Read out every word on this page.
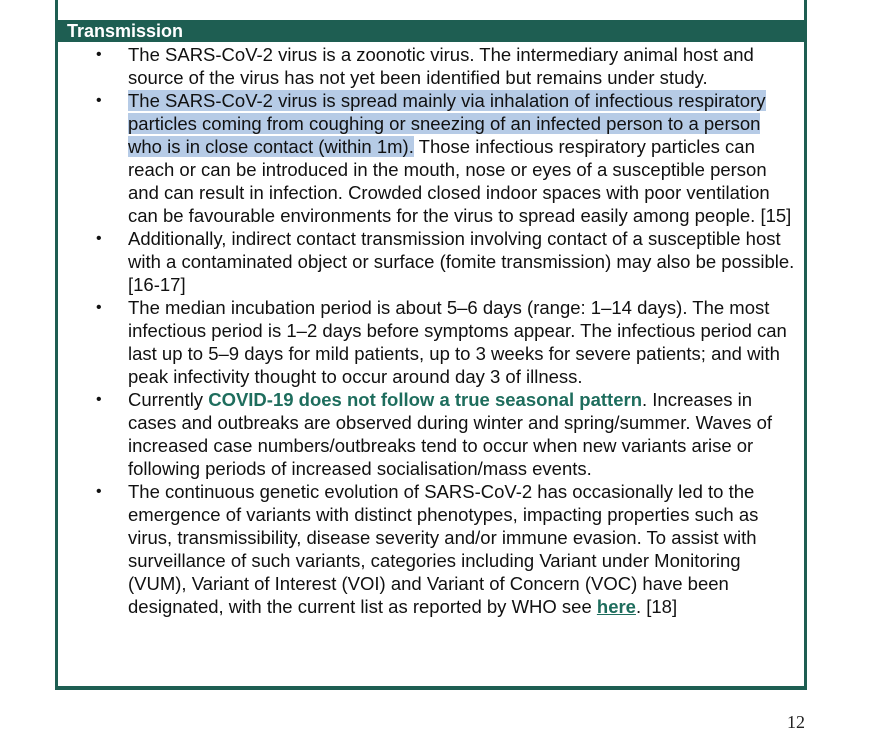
Transmission
• The SARS-CoV-2 virus is a zoonotic virus. The intermediary animal host and source of the virus has not yet been identified but remains under study.
• The SARS-CoV-2 virus is spread mainly via inhalation of infectious respiratory particles coming from coughing or sneezing of an infected person to a person who is in close contact (within 1m). Those infectious respiratory particles can reach or can be introduced in the mouth, nose or eyes of a susceptible person and can result in infection. Crowded closed indoor spaces with poor ventilation can be favourable environments for the virus to spread easily among people. [15]
• Additionally, indirect contact transmission involving contact of a susceptible host with a contaminated object or surface (fomite transmission) may also be possible. [16-17]
• The median incubation period is about 5–6 days (range: 1–14 days). The most infectious period is 1–2 days before symptoms appear. The infectious period can last up to 5–9 days for mild patients, up to 3 weeks for severe patients; and with peak infectivity thought to occur around day 3 of illness.
• Currently COVID-19 does not follow a true seasonal pattern. Increases in cases and outbreaks are observed during winter and spring/summer. Waves of increased case numbers/outbreaks tend to occur when new variants arise or following periods of increased socialisation/mass events.
• The continuous genetic evolution of SARS-CoV-2 has occasionally led to the emergence of variants with distinct phenotypes, impacting properties such as virus, transmissibility, disease severity and/or immune evasion. To assist with surveillance of such variants, categories including Variant under Monitoring (VUM), Variant of Interest (VOI) and Variant of Concern (VOC) have been designated, with the current list as reported by WHO see here. [18]
12
